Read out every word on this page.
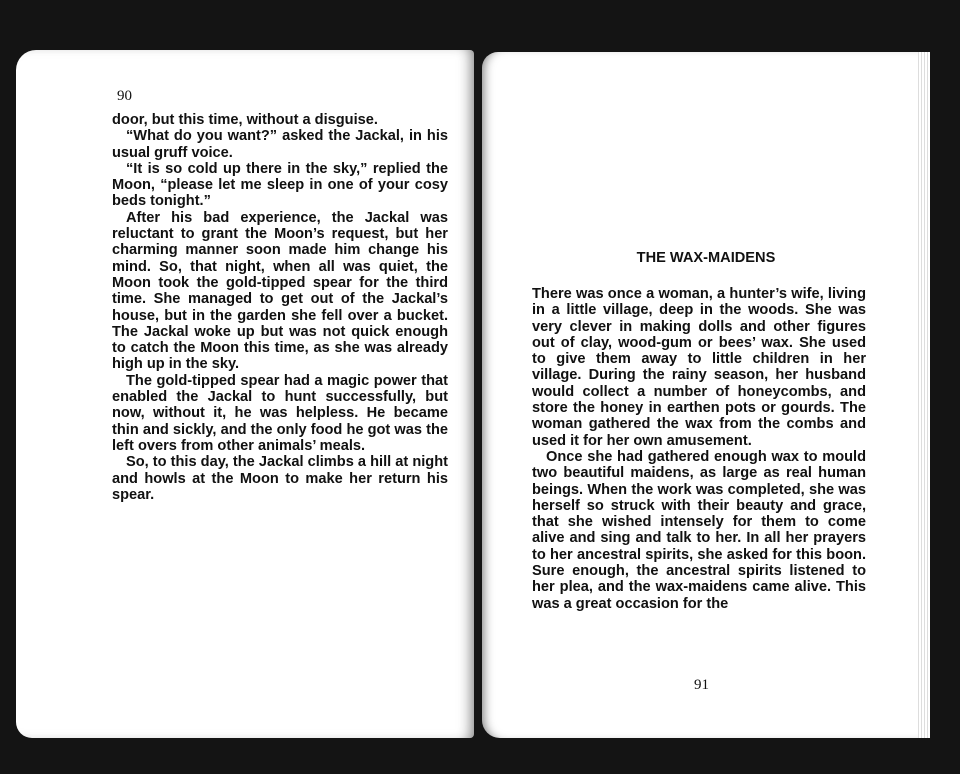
90

door, but this time, without a disguise.

“What do you want?” asked the Jackal, in his usual gruff voice.

“It is so cold up there in the sky,” replied the Moon, “please let me sleep in one of your cosy beds tonight.”

After his bad experience, the Jackal was reluctant to grant the Moon’s request, but her charming manner soon made him change his mind. So, that night, when all was quiet, the Moon took the gold-tipped spear for the third time. She managed to get out of the Jackal’s house, but in the garden she fell over a bucket. The Jackal woke up but was not quick enough to catch the Moon this time, as she was already high up in the sky.

The gold-tipped spear had a magic power that enabled the Jackal to hunt successfully, but now, without it, he was helpless. He became thin and sickly, and the only food he got was the left overs from other animals’ meals.

So, to this day, the Jackal climbs a hill at night and howls at the Moon to make her return his spear.

THE WAX-MAIDENS

There was once a woman, a hunter’s wife, living in a little village, deep in the woods. She was very clever in making dolls and other figures out of clay, wood-gum or bees’ wax. She used to give them away to little children in her village. During the rainy season, her husband would collect a number of honeycombs, and store the honey in earthen pots or gourds. The woman gathered the wax from the combs and used it for her own amusement.

Once she had gathered enough wax to mould two beautiful maidens, as large as real human beings. When the work was completed, she was herself so struck with their beauty and grace, that she wished intensely for them to come alive and sing and talk to her. In all her prayers to her ancestral spirits, she asked for this boon. Sure enough, the ancestral spirits listened to her plea, and the wax-maidens came alive. This was a great occasion for the

91
